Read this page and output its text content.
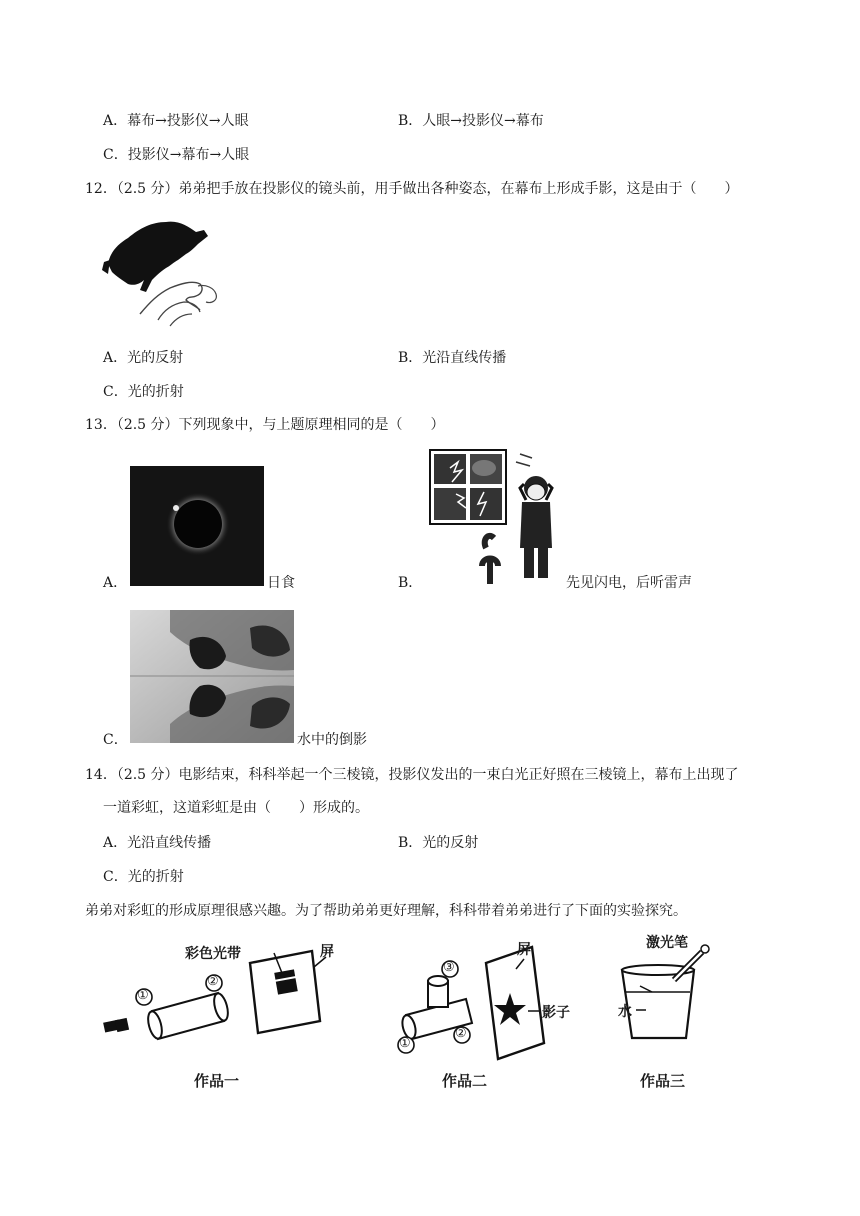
A．幕布→投影仪→人眼	B．人眼→投影仪→幕布
C．投影仪→幕布→人眼
12．（2.5 分）弟弟把手放在投影仪的镜头前，用手做出各种姿态，在幕布上形成手影，这是由于（　　）
A．光的反射	B．光沿直线传播
C．光的折射
13．（2.5 分）下列现象中，与上题原理相同的是（　　）
A．	日食	B．	先见闪电，后听雷声
C．	水中的倒影
14．（2.5 分）电影结束，科科举起一个三棱镜，投影仪发出的一束白光正好照在三棱镜上，幕布上出现了
一道彩虹，这道彩虹是由（　　）形成的。
A．光沿直线传播	B．光的反射
C．光的折射
弟弟对彩虹的形成原理很感兴趣。为了帮助弟弟更好理解，科科带着弟弟进行了下面的实验探究。
彩色光带	屏
①
②
作品一
屏
影子
③
①
②
作品二
激光笔
水
作品三
